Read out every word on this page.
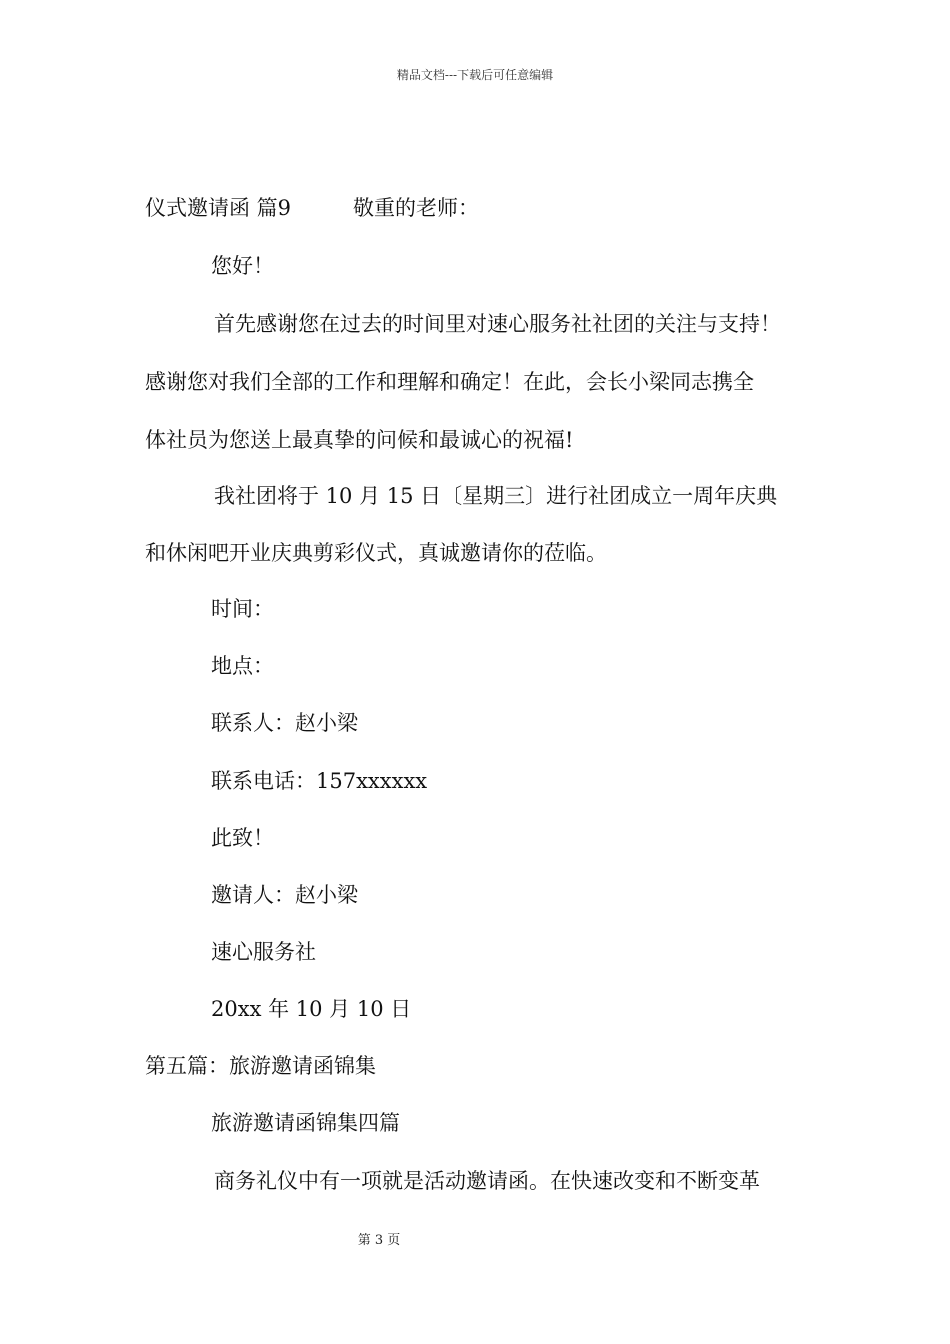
精品文档---下载后可任意编辑
仪式邀请函 篇9	敬重的老师：
您好！
首先感谢您在过去的时间里对速心服务社社团的关注与支持！
感谢您对我们全部的工作和理解和确定！在此，会长小梁同志携全
体社员为您送上最真挚的问候和最诚心的祝福!
我社团将于 10 月 15 日〔星期三〕进行社团成立一周年庆典
和休闲吧开业庆典剪彩仪式，真诚邀请你的莅临。
时间：
地点：
联系人：赵小梁
联系电话：157xxxxxx
此致！
邀请人：赵小梁
速心服务社
20xx 年 10 月 10 日
第五篇：旅游邀请函锦集
旅游邀请函锦集四篇
商务礼仪中有一项就是活动邀请函。在快速改变和不断变革
第 3 页
